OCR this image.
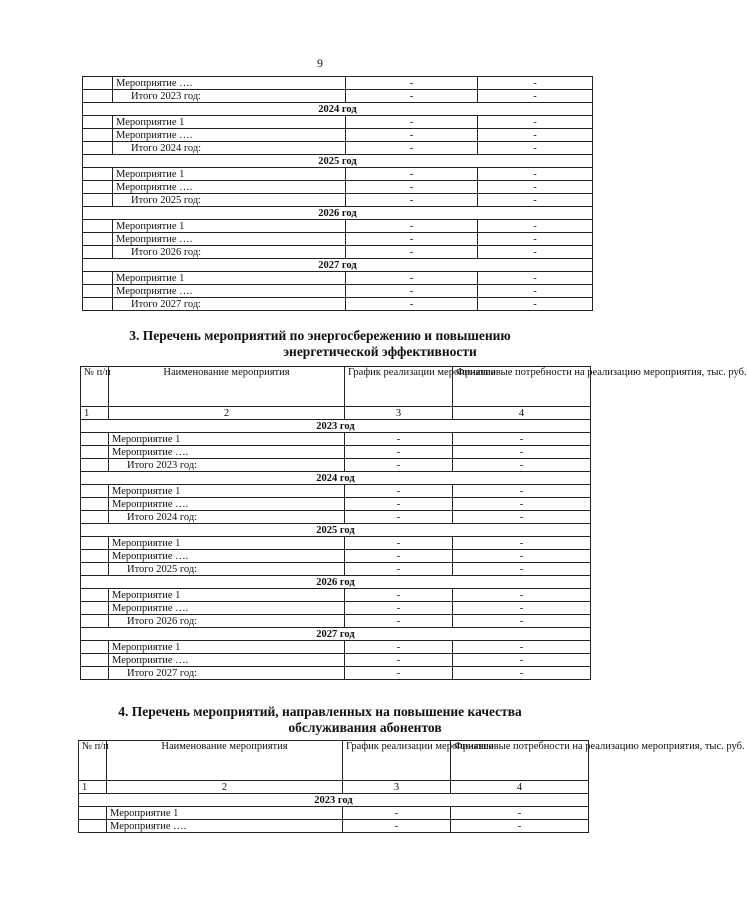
9
	Мероприятие ….	-	-
	Итого 2023 год:	-	-
2024 год			
	Мероприятие 1	-	-
	Мероприятие ….	-	-
	Итого 2024 год:	-	-
2025 год			
	Мероприятие 1	-	-
	Мероприятие ….	-	-
	Итого 2025 год:	-	-
2026 год			
	Мероприятие 1	-	-
	Мероприятие ….	-	-
	Итого 2026 год:	-	-
2027 год			
	Мероприятие 1	-	-
	Мероприятие ….	-	-
	Итого 2027 год:	-	-
3. Перечень мероприятий по энергосбережению и повышению
энергетической эффективности
№ п/п	Наименование мероприятия	График реализации мероприятия	Финансовые потребности на реализацию мероприятия, тыс. руб.
1	2	3	4
2023 год			
	Мероприятие 1	-	-
	Мероприятие ….	-	-
	Итого 2023 год:	-	-
2024 год			
	Мероприятие 1	-	-
	Мероприятие ….	-	-
	Итого 2024 год:	-	-
2025 год			
	Мероприятие 1	-	-
	Мероприятие ….	-	-
	Итого 2025 год:	-	-
2026 год			
	Мероприятие 1	-	-
	Мероприятие ….	-	-
	Итого 2026 год:	-	-
2027 год			
	Мероприятие 1	-	-
	Мероприятие ….	-	-
	Итого 2027 год:	-	-
4. Перечень мероприятий, направленных на повышение качества
обслуживания абонентов
№ п/п	Наименование мероприятия	График реализации мероприятия	Финансовые потребности на реализацию мероприятия, тыс. руб.
1	2	3	4
2023 год			
	Мероприятие 1	-	-
	Мероприятие ….	-	-
